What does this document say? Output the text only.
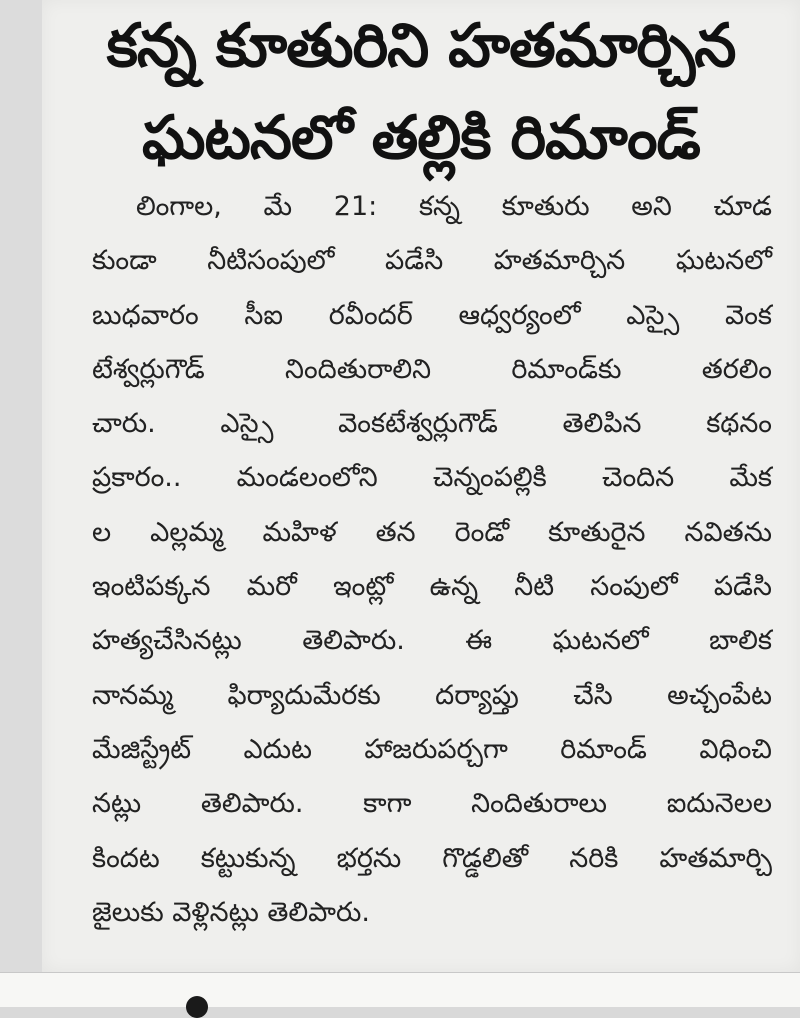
కన్న కూతురిని హతమార్చిన
ఘటనలో తల్లికి రిమాండ్
లింగాల, మే 21: కన్న కూతురు అని చూడ
కుండా నీటిసంపులో పడేసి హతమార్చిన ఘటనలో
బుధవారం సీఐ రవీందర్ ఆధ్వర్యంలో ఎస్సై వెంక
టేశ్వర్లుగౌడ్ నిందితురాలిని రిమాండ్‌కు తరలిం
చారు. ఎస్సై వెంకటేశ్వర్లుగౌడ్ తెలిపిన కథనం
ప్రకారం.. మండలంలోని చెన్నంపల్లికి చెందిన మేక
ల ఎల్లమ్మ మహిళ తన రెండో కూతురైన నవితను
ఇంటిపక్కన మరో ఇంట్లో ఉన్న నీటి సంపులో పడేసి
హత్యచేసినట్లు తెలిపారు. ఈ ఘటనలో బాలిక
నానమ్మ ఫిర్యాదుమేరకు దర్యాప్తు చేసి అచ్చంపేట
మేజిస్ట్రేట్ ఎదుట హాజరుపర్చగా రిమాండ్ విధించి
నట్లు తెలిపారు. కాగా నిందితురాలు ఐదునెలల
కిందట కట్టుకున్న భర్తను గొడ్డలితో నరికి హతమార్చి
జైలుకు వెళ్లినట్లు తెలిపారు.
